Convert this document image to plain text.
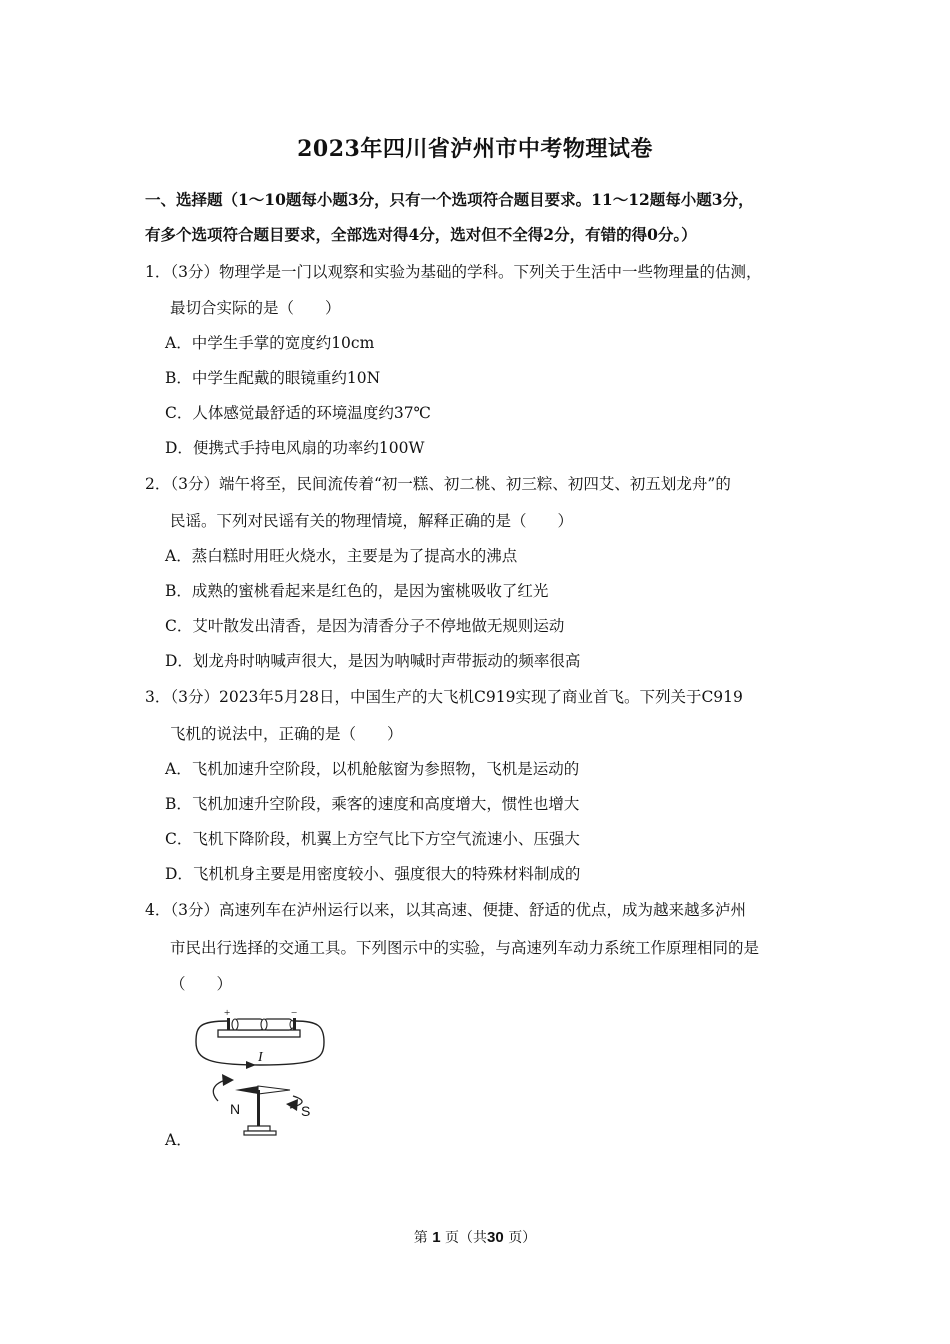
2023年四川省泸州市中考物理试卷
一、选择题（1～10题每小题3分，只有一个选项符合题目要求。11～12题每小题3分，
有多个选项符合题目要求，全部选对得4分，选对但不全得2分，有错的得0分。）
1．（3分）物理学是一门以观察和实验为基础的学科。下列关于生活中一些物理量的估测，
最切合实际的是（　　）
A．中学生手掌的宽度约10cm
B．中学生配戴的眼镜重约10N
C．人体感觉最舒适的环境温度约37℃
D．便携式手持电风扇的功率约100W
2．（3分）端午将至，民间流传着“初一糕、初二桃、初三粽、初四艾、初五划龙舟”的
民谣。下列对民谣有关的物理情境，解释正确的是（　　）
A．蒸白糕时用旺火烧水，主要是为了提高水的沸点
B．成熟的蜜桃看起来是红色的，是因为蜜桃吸收了红光
C．艾叶散发出清香，是因为清香分子不停地做无规则运动
D．划龙舟时呐喊声很大，是因为呐喊时声带振动的频率很高
3．（3分）2023年5月28日，中国生产的大飞机C919实现了商业首飞。下列关于C919
飞机的说法中，正确的是（　　）
A．飞机加速升空阶段，以机舱舷窗为参照物，飞机是运动的
B．飞机加速升空阶段，乘客的速度和高度增大，惯性也增大
C．飞机下降阶段，机翼上方空气比下方空气流速小、压强大
D．飞机机身主要是用密度较小、强度很大的特殊材料制成的
4．（3分）高速列车在泸州运行以来，以其高速、便捷、舒适的优点，成为越来越多泸州
市民出行选择的交通工具。下列图示中的实验，与高速列车动力系统工作原理相同的是
（　　）
+	−
I
N	S
A．
第 1 页（共30 页）
